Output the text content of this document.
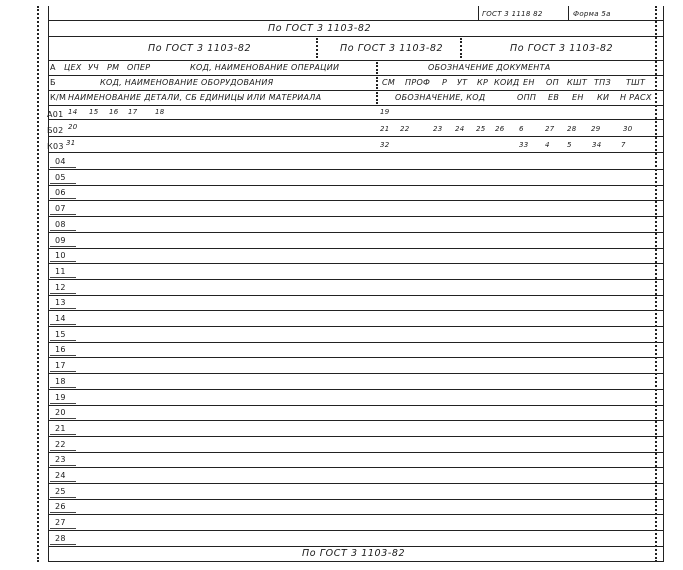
ГОСТ 3 1118 82	Форма 5а
По ГОСТ 3 1103-82
По ГОСТ 3 1103-82	По ГОСТ 3 1103-82	По ГОСТ 3 1103-82
А ЦЕХ УЧ РМ ОПЕР	КОД, НАИМЕНОВАНИЕ ОПЕРАЦИИ	ОБОЗНАЧЕНИЕ ДОКУМЕНТА
Б	КОД, НАИМЕНОВАНИЕ ОБОРУДОВАНИЯ	СМ ПРОФ Р УТ КР КОИД ЕН ОП КШТ ТПЗ ТШТ
К/М НАИМЕНОВАНИЕ ДЕТАЛИ, СБ ЕДИНИЦЫ ИЛИ МАТЕРИАЛА	ОБОЗНАЧЕНИЕ, КОД	ОПП ЕВ ЕН КИ Н РАСХ
А01 14 15 16 17 18	19
Б02 20	21 22	23 24 25 26 6	27 28 29	30
К03 31	32	33 4 5	34	7
04
05
06
07
08
09
10
11
12
13
14
15
16
17
18
19
20
21
22
23
24
25
26
27
28
По ГОСТ 3 1103-82
